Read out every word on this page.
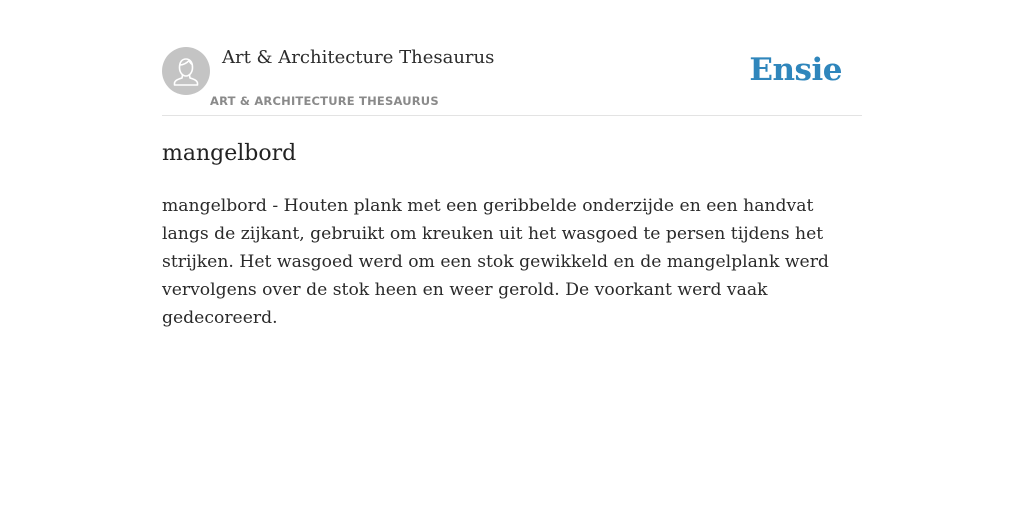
Art & Architecture Thesaurus
ART & ARCHITECTURE THESAURUS
Ensie
mangelbord

mangelbord - Houten plank met een geribbelde onderzijde en een handvat langs de zijkant, gebruikt om kreuken uit het wasgoed te persen tijdens het strijken. Het wasgoed werd om een stok gewikkeld en de mangelplank werd vervolgens over de stok heen en weer gerold. De voorkant werd vaak gedecoreerd.
